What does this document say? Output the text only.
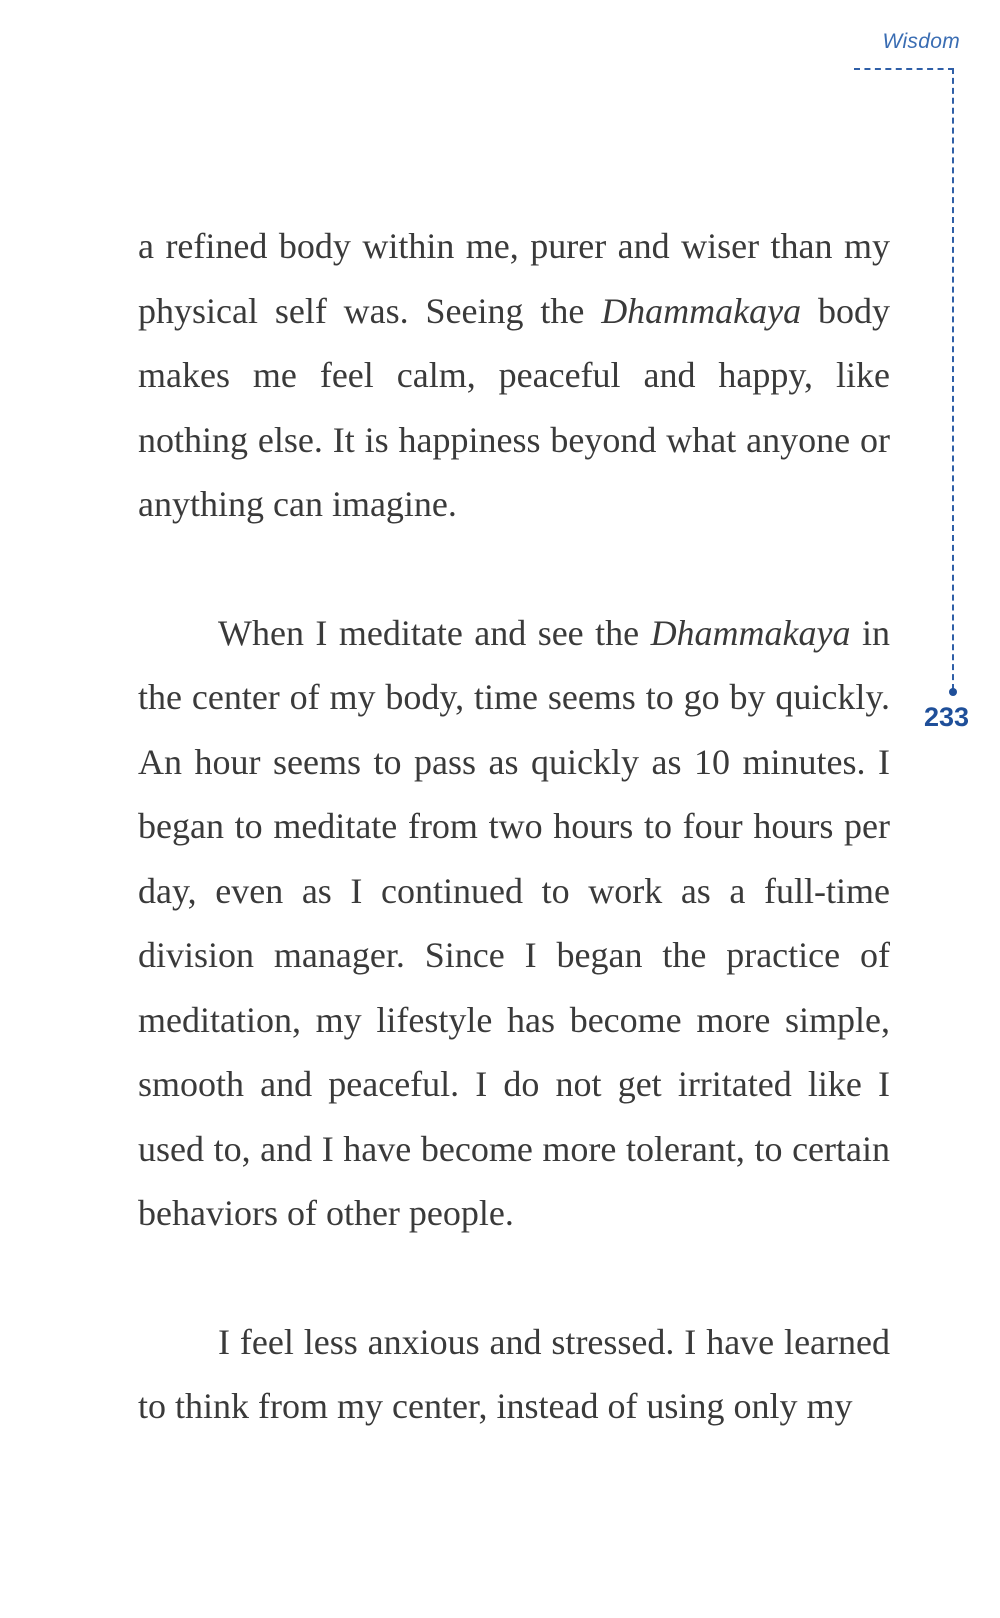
Wisdom
233

a refined body within me, purer and wiser than my physical self was. Seeing the Dhammakaya body makes me feel calm, peaceful and happy, like nothing else. It is happiness beyond what anyone or anything can imagine.

When I meditate and see the Dhammakaya in the center of my body, time seems to go by quickly. An hour seems to pass as quickly as 10 minutes. I began to meditate from two hours to four hours per day, even as I continued to work as a full-time division manager. Since I began the practice of meditation, my lifestyle has become more simple, smooth and peaceful. I do not get irritated like I used to, and I have become more tolerant, to certain behaviors of other people.

I feel less anxious and stressed. I have learned to think from my center, instead of using only my
